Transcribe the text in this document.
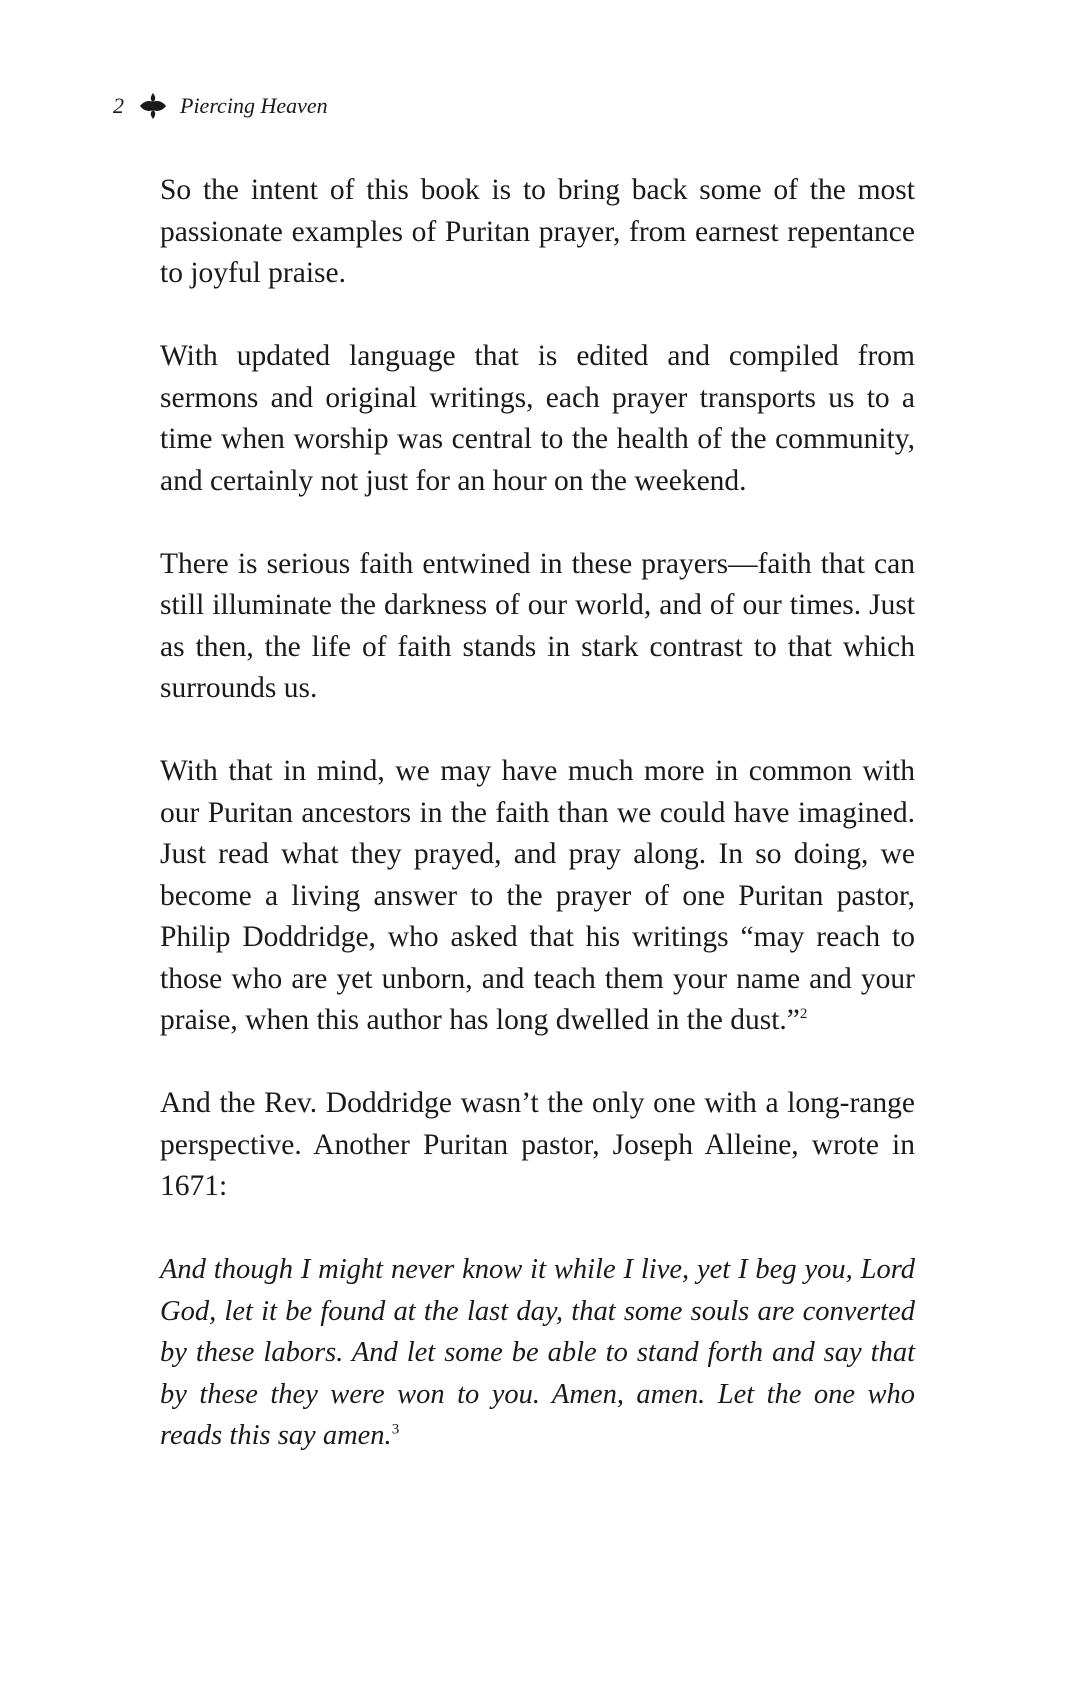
2	Piercing Heaven

So the intent of this book is to bring back some of the most passionate examples of Puritan prayer, from earnest repentance to joyful praise.

With updated language that is edited and compiled from sermons and original writings, each prayer transports us to a time when worship was central to the health of the community, and certainly not just for an hour on the weekend.

There is serious faith entwined in these prayers—faith that can still illuminate the darkness of our world, and of our times. Just as then, the life of faith stands in stark contrast to that which surrounds us.

With that in mind, we may have much more in common with our Puritan ancestors in the faith than we could have imagined. Just read what they prayed, and pray along. In so doing, we become a living answer to the prayer of one Puritan pastor, Philip Doddridge, who asked that his writings “may reach to those who are yet unborn, and teach them your name and your praise, when this author has long dwelled in the dust.”$^2$

And the Rev. Doddridge wasn’t the only one with a long-range perspective. Another Puritan pastor, Joseph Alleine, wrote in 1671:

And though I might never know it while I live, yet I beg you, Lord God, let it be found at the last day, that some souls are converted by these labors. And let some be able to stand forth and say that by these they were won to you. Amen, amen. Let the one who reads this say amen.$^3$
